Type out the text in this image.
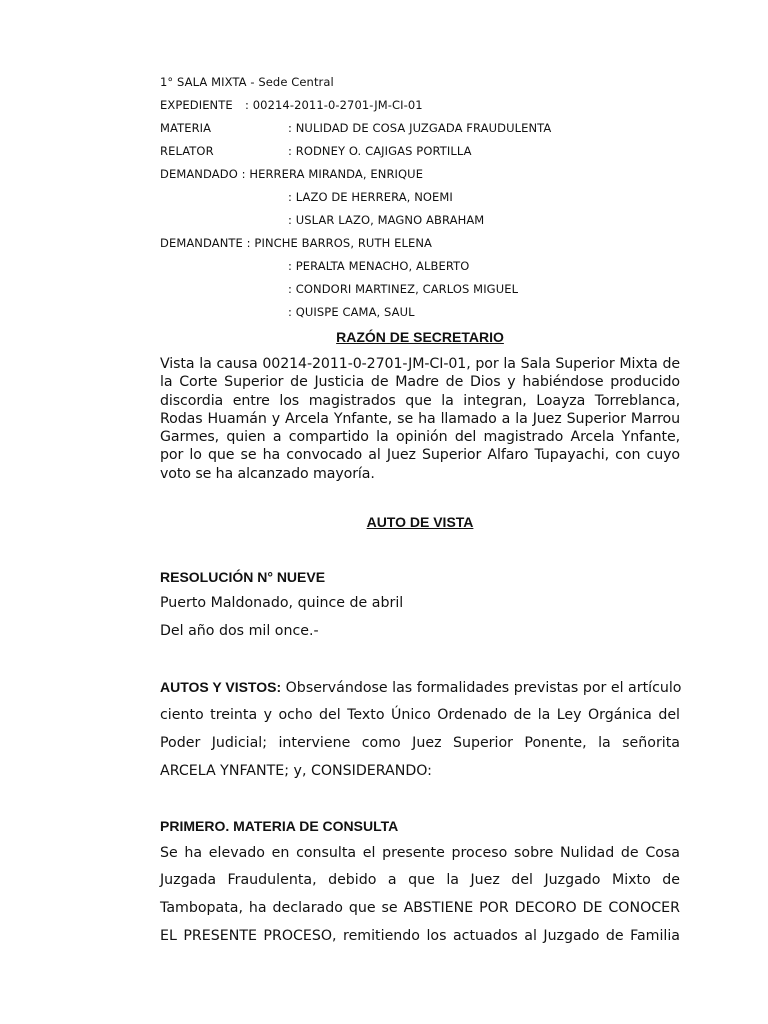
1° SALA MIXTA - Sede Central
EXPEDIENTE : 00214-2011-0-2701-JM-CI-01
MATERIA	: NULIDAD DE COSA JUZGADA FRAUDULENTA
RELATOR	: RODNEY O. CAJIGAS PORTILLA
DEMANDADO : HERRERA MIRANDA, ENRIQUE
: LAZO DE HERRERA, NOEMI
: USLAR LAZO, MAGNO ABRAHAM
DEMANDANTE : PINCHE BARROS, RUTH ELENA
: PERALTA MENACHO, ALBERTO
: CONDORI MARTINEZ, CARLOS MIGUEL
: QUISPE CAMA, SAUL
RAZÓN DE SECRETARIO
Vista la causa 00214-2011-0-2701-JM-CI-01, por la Sala Superior Mixta de la Corte Superior de Justicia de Madre de Dios y habiéndose producido discordia entre los magistrados que la integran, Loayza Torreblanca, Rodas Huamán y Arcela Ynfante, se ha llamado a la Juez Superior Marrou Garmes, quien a compartido la opinión del magistrado Arcela Ynfante, por lo que se ha convocado al Juez Superior Alfaro Tupayachi, con cuyo voto se ha alcanzado mayoría.
AUTO DE VISTA
RESOLUCIÓN N° NUEVE
Puerto Maldonado, quince de abril
Del año dos mil once.-
AUTOS Y VISTOS: Observándose las formalidades previstas por el artículo
ciento treinta y ocho del Texto Único Ordenado de la Ley Orgánica del
Poder Judicial; interviene como Juez Superior Ponente, la señorita
ARCELA YNFANTE; y, CONSIDERANDO:
PRIMERO. MATERIA DE CONSULTA
Se ha elevado en consulta el presente proceso sobre Nulidad de Cosa
Juzgada Fraudulenta, debido a que la Juez del Juzgado Mixto de
Tambopata, ha declarado que se ABSTIENE POR DECORO DE CONOCER
EL PRESENTE PROCESO, remitiendo los actuados al Juzgado de Familia
